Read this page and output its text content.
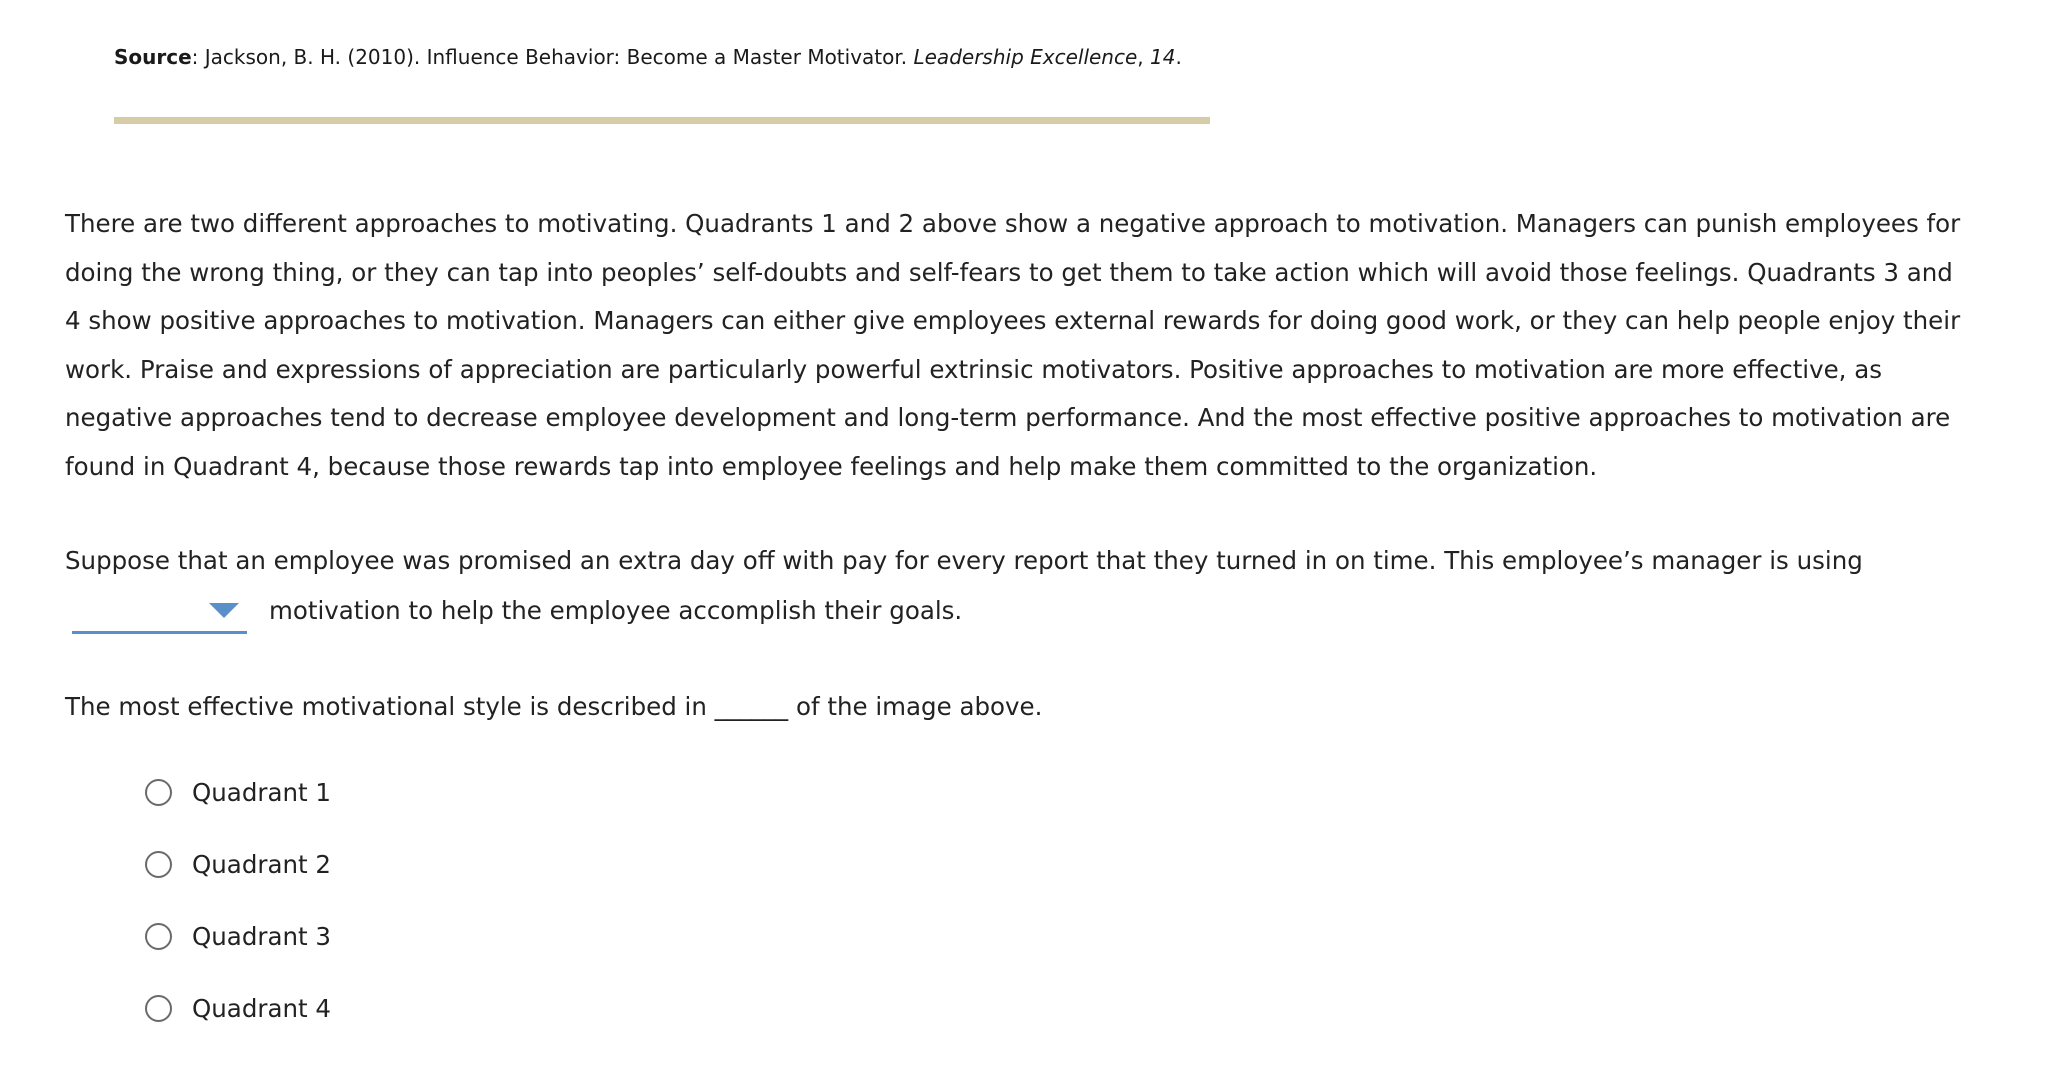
Source: Jackson, B. H. (2010). Influence Behavior: Become a Master Motivator. Leadership Excellence, 14.

There are two different approaches to motivating. Quadrants 1 and 2 above show a negative approach to motivation. Managers can punish employees for doing the wrong thing, or they can tap into peoples’ self-doubts and self-fears to get them to take action which will avoid those feelings. Quadrants 3 and 4 show positive approaches to motivation. Managers can either give employees external rewards for doing good work, or they can help people enjoy their work. Praise and expressions of appreciation are particularly powerful extrinsic motivators. Positive approaches to motivation are more effective, as negative approaches tend to decrease employee development and long-term performance. And the most effective positive approaches to motivation are found in Quadrant 4, because those rewards tap into employee feelings and help make them committed to the organization.

Suppose that an employee was promised an extra day off with pay for every report that they turned in on time. This employee’s manager is using

motivation to help the employee accomplish their goals.
The most effective motivational style is described in ______ of the image above.
Quadrant 1
Quadrant 2
Quadrant 3
Quadrant 4
